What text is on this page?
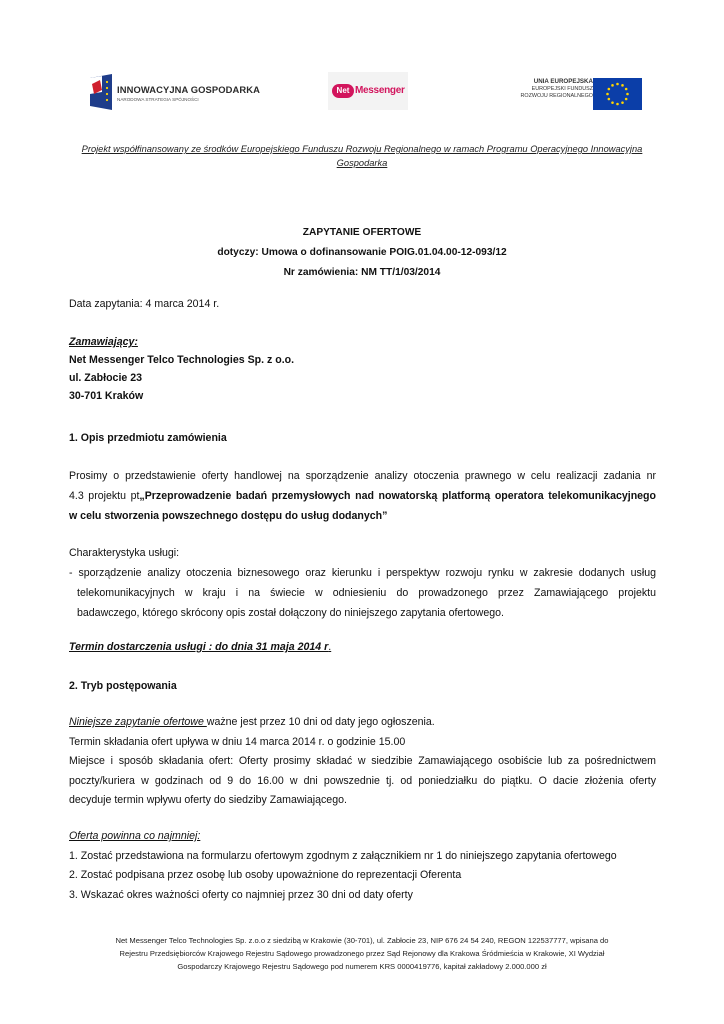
INNOWACYJNA GOSPODARKA
NARODOWA STRATEGIA SPÓJNOŚCI
Net Messenger
UNIA EUROPEJSKA
EUROPEJSKI FUNDUSZ
ROZWOJU REGIONALNEGO
Projekt współfinansowany ze środków Europejskiego Funduszu Rozwoju Regionalnego w ramach Programu Operacyjnego Innowacyjna Gospodarka
ZAPYTANIE OFERTOWE
dotyczy: Umowa o dofinansowanie POIG.01.04.00-12-093/12
Nr zamówienia: NM TT/1/03/2014
Data zapytania: 4 marca 2014 r.
Zamawiający:
Net Messenger Telco Technologies Sp. z o.o.
ul. Zabłocie 23
30-701 Kraków
1. Opis przedmiotu zamówienia
Prosimy o przedstawienie oferty handlowej na sporządzenie analizy otoczenia prawnego w celu realizacji zadania nr
4.3 projektu pt„Przeprowadzenie badań przemysłowych nad nowatorską platformą operatora telekomunikacyjnego
w celu stworzenia powszechnego dostępu do usług dodanych”
Charakterystyka usługi:
- sporządzenie analizy otoczenia biznesowego oraz kierunku i perspektyw rozwoju rynku w zakresie dodanych usług
telekomunikacyjnych w kraju i na świecie w odniesieniu do prowadzonego przez Zamawiającego projektu
badawczego, którego skrócony opis został dołączony do niniejszego zapytania ofertowego.
Termin dostarczenia usługi : do dnia 31 maja 2014 r.
2. Tryb postępowania
Niniejsze zapytanie ofertowe ważne jest przez 10 dni od daty jego ogłoszenia.
Termin składania ofert upływa w dniu 14 marca 2014 r. o godzinie 15.00
Miejsce i sposób składania ofert: Oferty prosimy składać w siedzibie Zamawiającego osobiście lub za pośrednictwem
poczty/kuriera w godzinach od 9 do 16.00 w dni powszednie tj. od poniedziałku do piątku. O dacie złożenia oferty
decyduje termin wpływu oferty do siedziby Zamawiającego.
Oferta powinna co najmniej:
1. Zostać przedstawiona na formularzu ofertowym zgodnym z załącznikiem nr 1 do niniejszego zapytania ofertowego
2. Zostać podpisana przez osobę lub osoby upoważnione do reprezentacji Oferenta
3. Wskazać okres ważności oferty co najmniej przez 30 dni od daty oferty
Net Messenger Telco Technologies Sp. z.o.o z siedzibą w Krakowie (30-701), ul. Zabłocie 23, NIP 676 24 54 240, REGON 122537777, wpisana do
Rejestru Przedsiębiorców Krajowego Rejestru Sądowego prowadzonego przez Sąd Rejonowy dla Krakowa Śródmieścia w Krakowie, XI Wydział
Gospodarczy Krajowego Rejestru Sądowego pod numerem KRS 0000419776, kapitał zakładowy 2.000.000 zł
